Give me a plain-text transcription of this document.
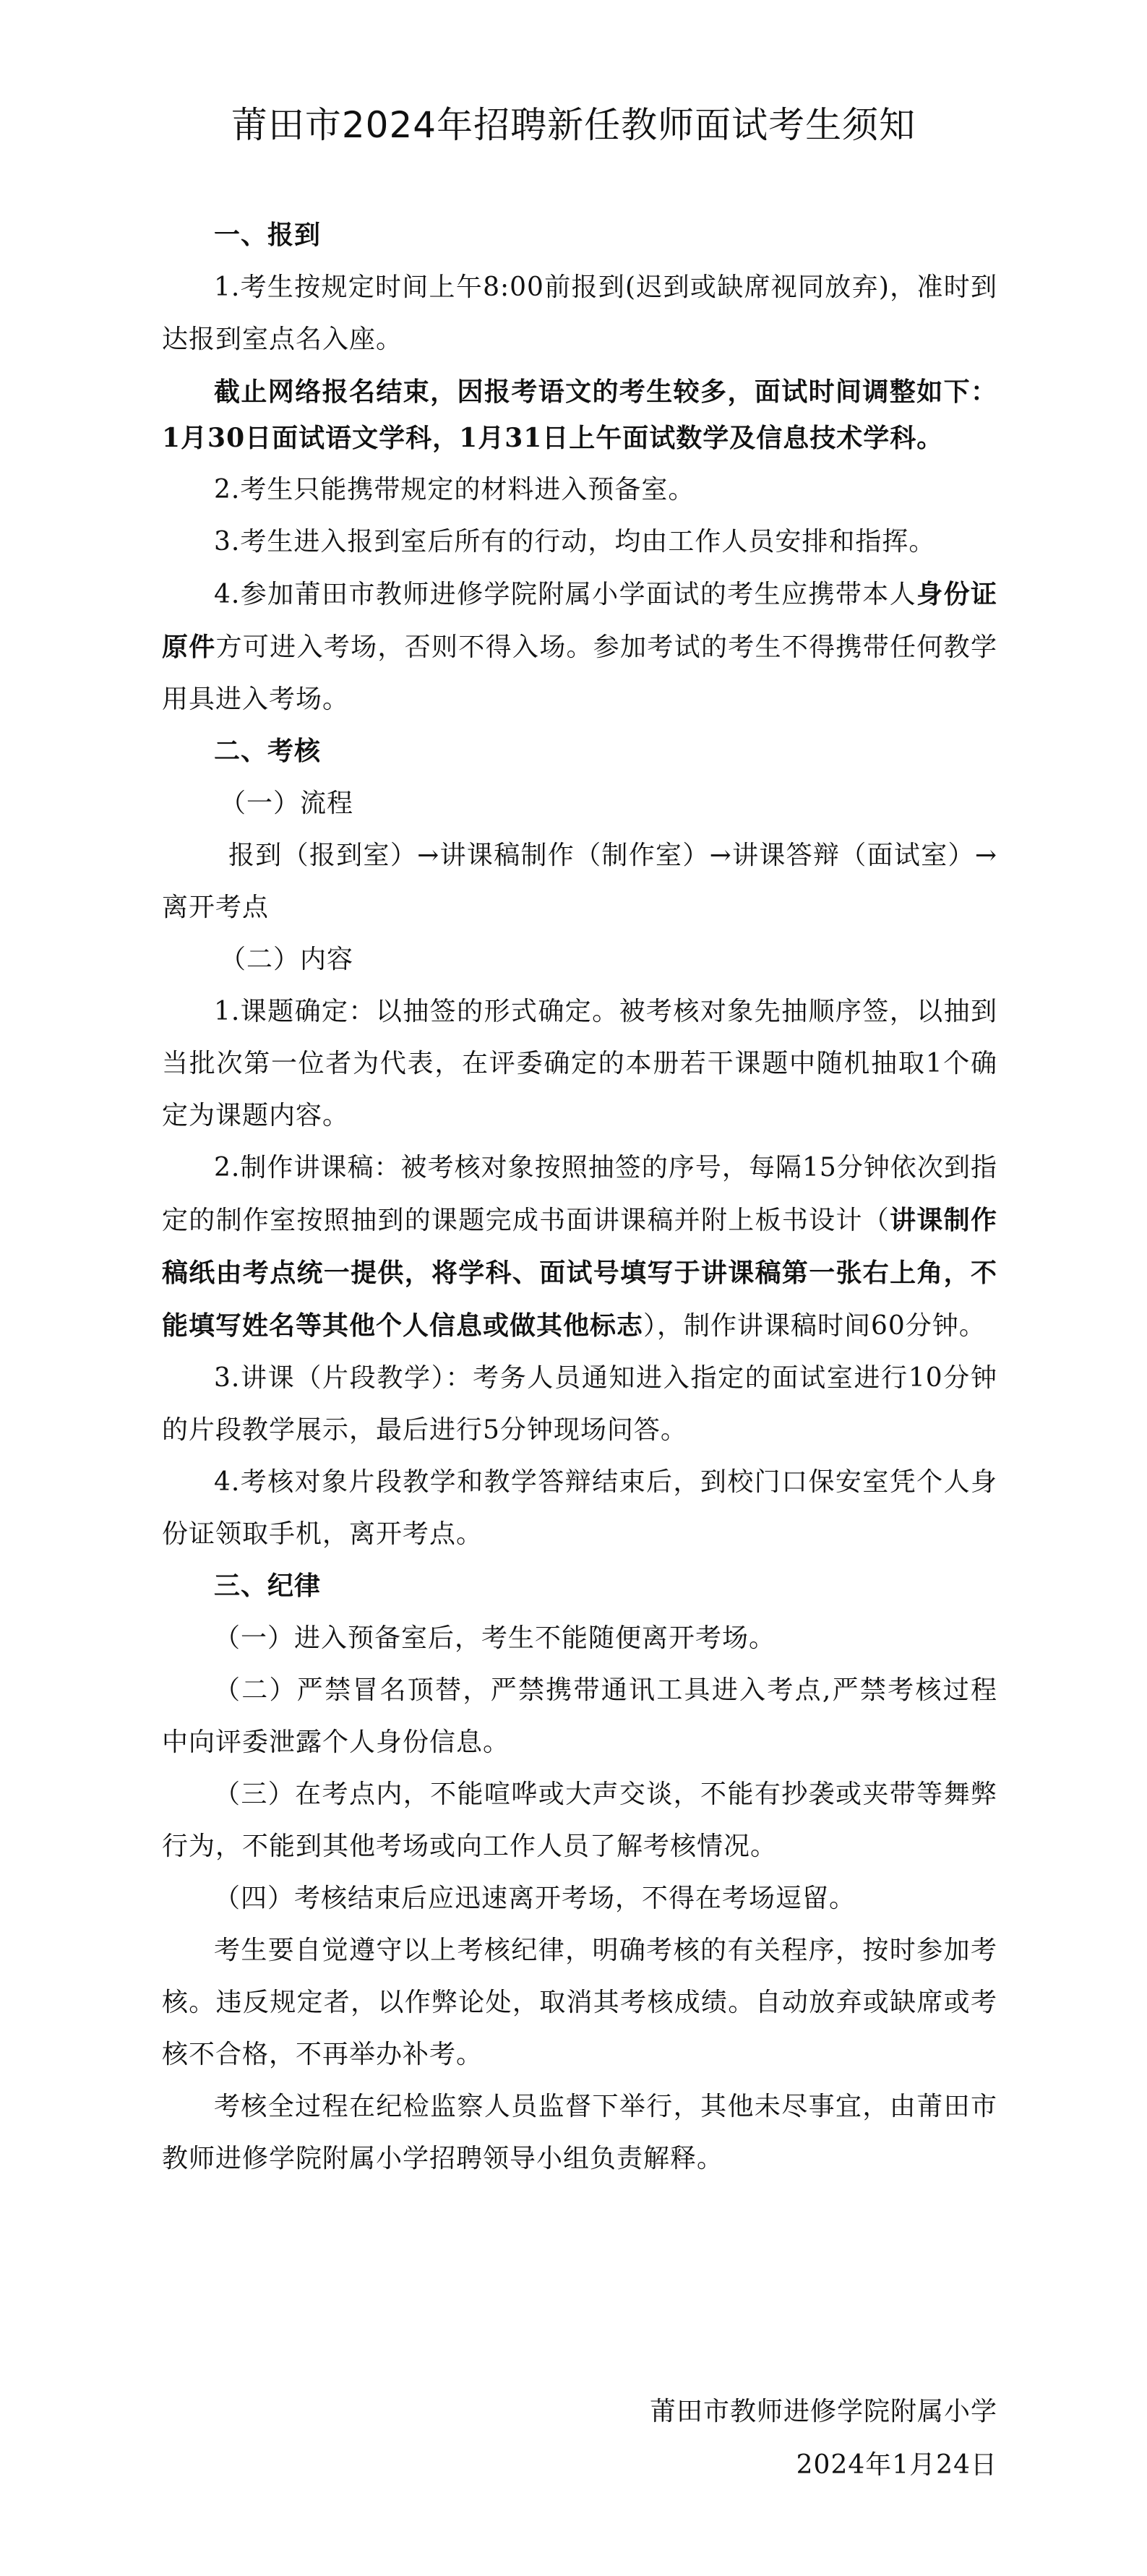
莆田市2024年招聘新任教师面试考生须知
一、报到

1.考生按规定时间上午8:00前报到(迟到或缺席视同放弃)，准时到达报到室点名入座。

截止网络报名结束，因报考语文的考生较多，面试时间调整如下：1月30日面试语文学科，1月31日上午面试数学及信息技术学科。

2.考生只能携带规定的材料进入预备室。

3.考生进入报到室后所有的行动，均由工作人员安排和指挥。

4.参加莆田市教师进修学院附属小学面试的考生应携带本人身份证原件方可进入考场，否则不得入场。参加考试的考生不得携带任何教学用具进入考场。

二、考核
（一）流程

报到（报到室）→讲课稿制作（制作室）→讲课答辩（面试室）→离开考点

（二）内容

1.课题确定：以抽签的形式确定。被考核对象先抽顺序签，以抽到当批次第一位者为代表，在评委确定的本册若干课题中随机抽取1个确定为课题内容。

2.制作讲课稿：被考核对象按照抽签的序号，每隔15分钟依次到指定的制作室按照抽到的课题完成书面讲课稿并附上板书设计（讲课制作稿纸由考点统一提供，将学科、面试号填写于讲课稿第一张右上角，不能填写姓名等其他个人信息或做其他标志），制作讲课稿时间60分钟。

3.讲课（片段教学）：考务人员通知进入指定的面试室进行10分钟的片段教学展示，最后进行5分钟现场问答。

4.考核对象片段教学和教学答辩结束后，到校门口保安室凭个人身份证领取手机，离开考点。

三、纪律

（一）进入预备室后，考生不能随便离开考场。

（二）严禁冒名顶替，严禁携带通讯工具进入考点,严禁考核过程中向评委泄露个人身份信息。

（三）在考点内，不能喧哗或大声交谈，不能有抄袭或夹带等舞弊行为，不能到其他考场或向工作人员了解考核情况。

（四）考核结束后应迅速离开考场，不得在考场逗留。

考生要自觉遵守以上考核纪律，明确考核的有关程序，按时参加考核。违反规定者，以作弊论处，取消其考核成绩。自动放弃或缺席或考核不合格，不再举办补考。

考核全过程在纪检监察人员监督下举行，其他未尽事宜，由莆田市教师进修学院附属小学招聘领导小组负责解释。

莆田市教师进修学院附属小学
2024年1月24日
